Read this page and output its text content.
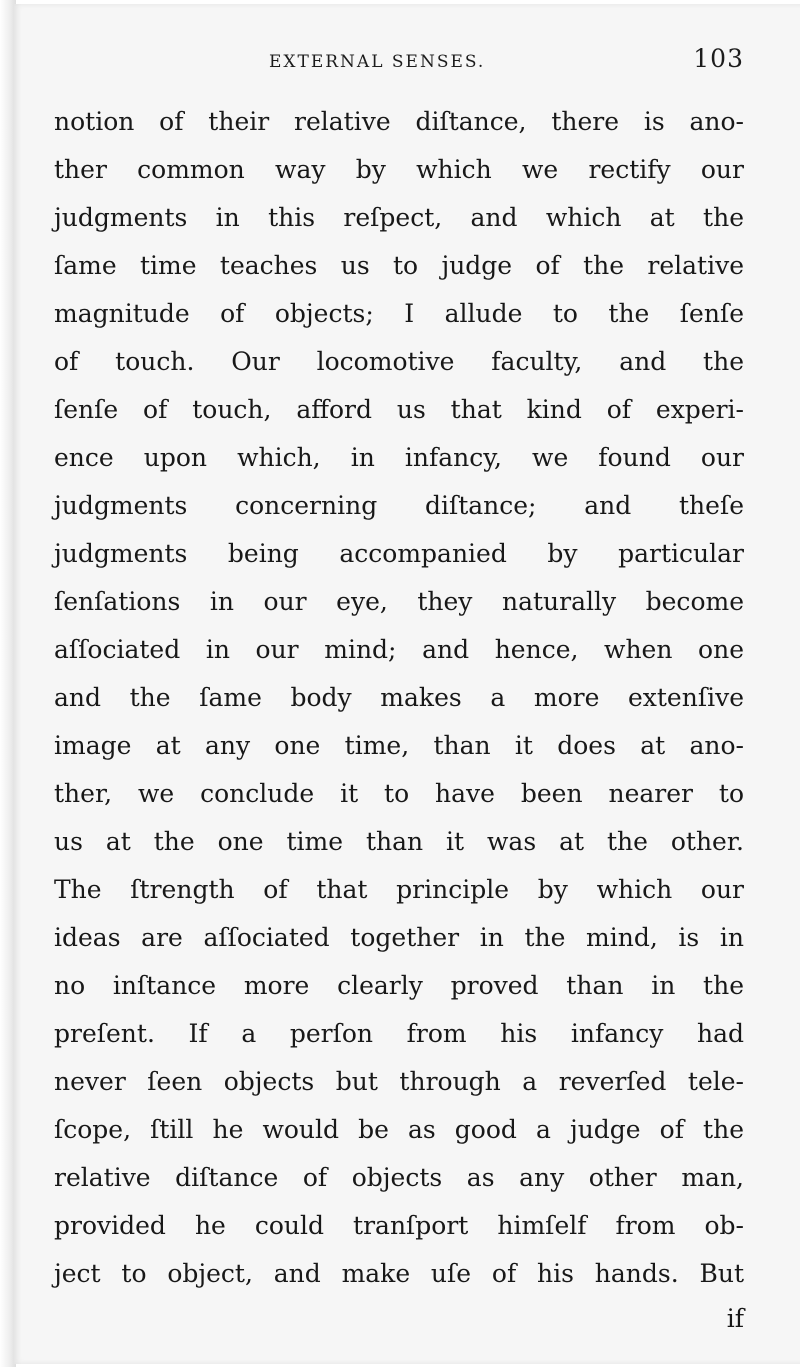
EXTERNAL SENSES.	103
notion of their relative diſtance, there is ano-
ther common way by which we rectify our
judgments in this reſpect, and which at the
ſame time teaches us to judge of the relative
magnitude of objects; I allude to the ſenſe
of touch. Our locomotive faculty, and the
ſenſe of touch, afford us that kind of experi-
ence upon which, in infancy, we found our
judgments concerning diſtance; and theſe
judgments being accompanied by particular
ſenſations in our eye, they naturally become
aſſociated in our mind; and hence, when one
and the ſame body makes a more extenſive
image at any one time, than it does at ano-
ther, we conclude it to have been nearer to
us at the one time than it was at the other.
The ſtrength of that principle by which our
ideas are aſſociated together in the mind, is in
no inſtance more clearly proved than in the
preſent. If a perſon from his infancy had
never ſeen objects but through a reverſed tele-
ſcope, ſtill he would be as good a judge of the
relative diſtance of objects as any other man,
provided he could tranſport himſelf from ob-
ject to object, and make uſe of his hands. But
if
